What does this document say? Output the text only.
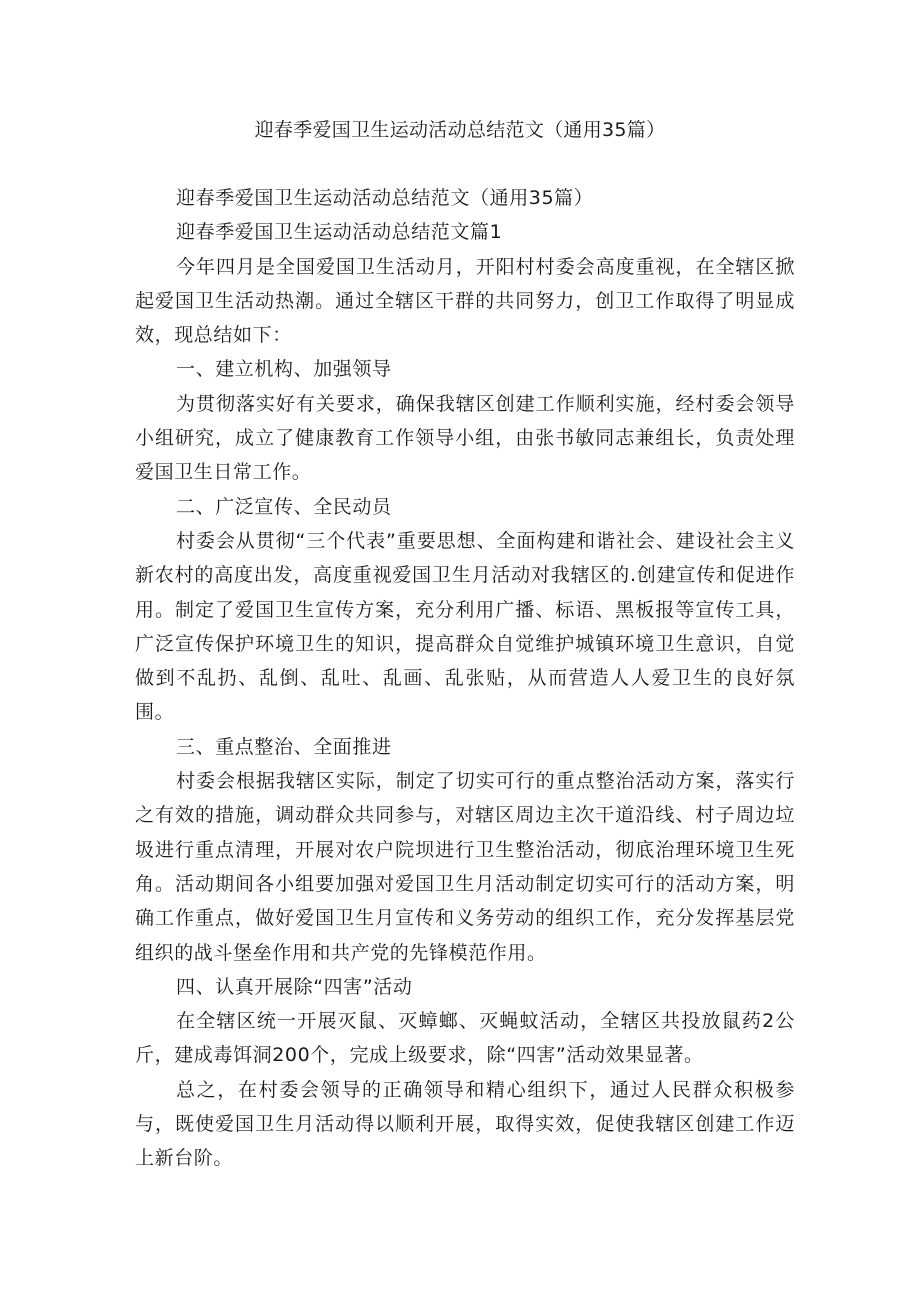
迎春季爱国卫生运动活动总结范文（通用35篇）

迎春季爱国卫生运动活动总结范文（通用35篇）

迎春季爱国卫生运动活动总结范文篇1

今年四月是全国爱国卫生活动月，开阳村村委会高度重视，在全辖区掀起爱国卫生活动热潮。通过全辖区干群的共同努力，创卫工作取得了明显成效，现总结如下：

一、建立机构、加强领导

为贯彻落实好有关要求，确保我辖区创建工作顺利实施，经村委会领导小组研究，成立了健康教育工作领导小组，由张书敏同志兼组长，负责处理爱国卫生日常工作。

二、广泛宣传、全民动员

村委会从贯彻“三个代表”重要思想、全面构建和谐社会、建设社会主义新农村的高度出发，高度重视爱国卫生月活动对我辖区的.创建宣传和促进作用。制定了爱国卫生宣传方案，充分利用广播、标语、黑板报等宣传工具，广泛宣传保护环境卫生的知识，提高群众自觉维护城镇环境卫生意识，自觉做到不乱扔、乱倒、乱吐、乱画、乱张贴，从而营造人人爱卫生的良好氛围。

三、重点整治、全面推进

村委会根据我辖区实际，制定了切实可行的重点整治活动方案，落实行之有效的措施，调动群众共同参与，对辖区周边主次干道沿线、村子周边垃圾进行重点清理，开展对农户院坝进行卫生整治活动，彻底治理环境卫生死角。活动期间各小组要加强对爱国卫生月活动制定切实可行的活动方案，明确工作重点，做好爱国卫生月宣传和义务劳动的组织工作，充分发挥基层党组织的战斗堡垒作用和共产党的先锋模范作用。

四、认真开展除“四害”活动

在全辖区统一开展灭鼠、灭蟑螂、灭蝇蚊活动，全辖区共投放鼠药2公斤，建成毒饵洞200个，完成上级要求，除“四害”活动效果显著。

总之，在村委会领导的正确领导和精心组织下，通过人民群众积极参与，既使爱国卫生月活动得以顺利开展，取得实效，促使我辖区创建工作迈上新台阶。
